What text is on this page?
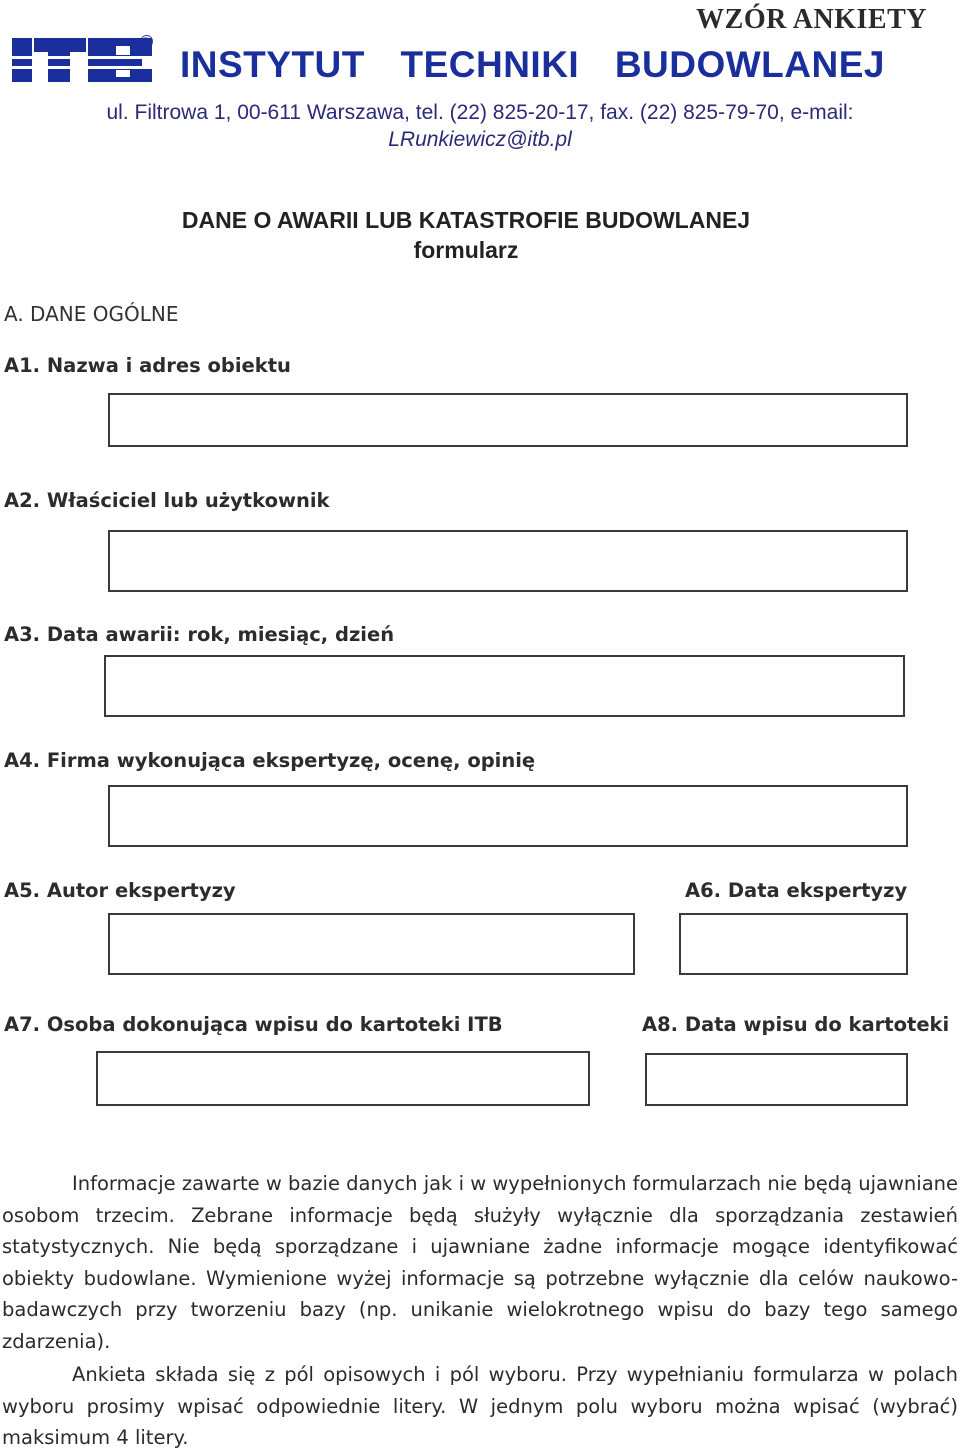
WZÓR ANKIETY
®
INSTYTUT TECHNIKI BUDOWLANEJ
ul. Filtrowa 1, 00-611 Warszawa, tel. (22) 825-20-17, fax. (22) 825-79-70, e-mail:
LRunkiewicz@itb.pl
DANE O AWARII LUB KATASTROFIE BUDOWLANEJ
formularz
A. DANE OGÓLNE
A1. Nazwa i adres obiektu
A2. Właściciel lub użytkownik
A3. Data awarii: rok, miesiąc, dzień
A4. Firma wykonująca ekspertyzę, ocenę, opinię
A5. Autor ekspertyzy	A6. Data ekspertyzy
A7. Osoba dokonująca wpisu do kartoteki ITB	A8. Data wpisu do kartoteki
Informacje zawarte w bazie danych jak i w wypełnionych formularzach nie będą ujawniane osobom trzecim. Zebrane informacje będą służyły wyłącznie dla sporządzania zestawień statystycznych. Nie będą sporządzane i ujawniane żadne informacje mogące identyfikować obiekty budowlane. Wymienione wyżej informacje są potrzebne wyłącznie dla celów naukowo-badawczych przy tworzeniu bazy (np. unikanie wielokrotnego wpisu do bazy tego samego zdarzenia).
Ankieta składa się z pól opisowych i pól wyboru. Przy wypełnianiu formularza w polach wyboru prosimy wpisać odpowiednie litery. W jednym polu wyboru można wpisać (wybrać) maksimum 4 litery.
